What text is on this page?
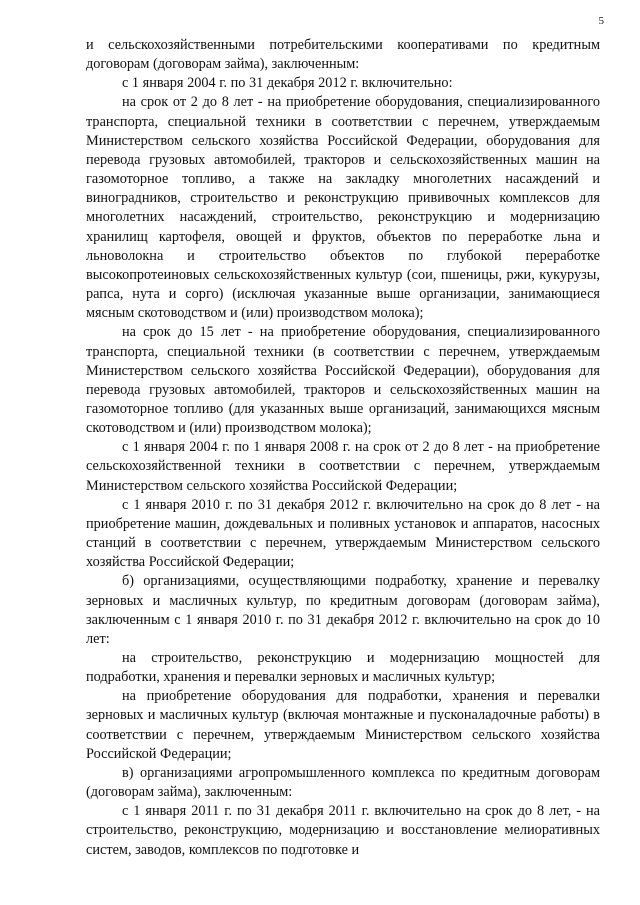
5

и сельскохозяйственными потребительскими кооперативами по кредитным договорам (договорам займа), заключенным:

с 1 января 2004 г. по 31 декабря 2012 г. включительно:

на срок от 2 до 8 лет - на приобретение оборудования, специализированного транспорта, специальной техники в соответствии с перечнем, утверждаемым Министерством сельского хозяйства Российской Федерации, оборудования для перевода грузовых автомобилей, тракторов и сельскохозяйственных машин на газомоторное топливо, а также на закладку многолетних насаждений и виноградников, строительство и реконструкцию прививочных комплексов для многолетних насаждений, строительство, реконструкцию и модернизацию хранилищ картофеля, овощей и фруктов, объектов по переработке льна и льноволокна и строительство объектов по глубокой переработке высокопротеиновых сельскохозяйственных культур (сои, пшеницы, ржи, кукурузы, рапса, нута и сорго) (исключая указанные выше организации, занимающиеся мясным скотоводством и (или) производством молока);

на срок до 15 лет - на приобретение оборудования, специализированного транспорта, специальной техники (в соответствии с перечнем, утверждаемым Министерством сельского хозяйства Российской Федерации), оборудования для перевода грузовых автомобилей, тракторов и сельскохозяйственных машин на газомоторное топливо (для указанных выше организаций, занимающихся мясным скотоводством и (или) производством молока);

с 1 января 2004 г. по 1 января 2008 г. на срок от 2 до 8 лет - на приобретение сельскохозяйственной техники в соответствии с перечнем, утверждаемым Министерством сельского хозяйства Российской Федерации;

с 1 января 2010 г. по 31 декабря 2012 г. включительно на срок до 8 лет - на приобретение машин, дождевальных и поливных установок и аппаратов, насосных станций в соответствии с перечнем, утверждаемым Министерством сельского хозяйства Российской Федерации;

б) организациями, осуществляющими подработку, хранение и перевалку зерновых и масличных культур, по кредитным договорам (договорам займа), заключенным с 1 января 2010 г. по 31 декабря 2012 г. включительно на срок до 10 лет:

на строительство, реконструкцию и модернизацию мощностей для подработки, хранения и перевалки зерновых и масличных культур;

на приобретение оборудования для подработки, хранения и перевалки зерновых и масличных культур (включая монтажные и пусконаладочные работы) в соответствии с перечнем, утверждаемым Министерством сельского хозяйства Российской Федерации;

в) организациями агропромышленного комплекса по кредитным договорам (договорам займа), заключенным:

с 1 января 2011 г. по 31 декабря 2011 г. включительно на срок до 8 лет, - на строительство, реконструкцию, модернизацию и восстановление мелиоративных систем, заводов, комплексов по подготовке и
